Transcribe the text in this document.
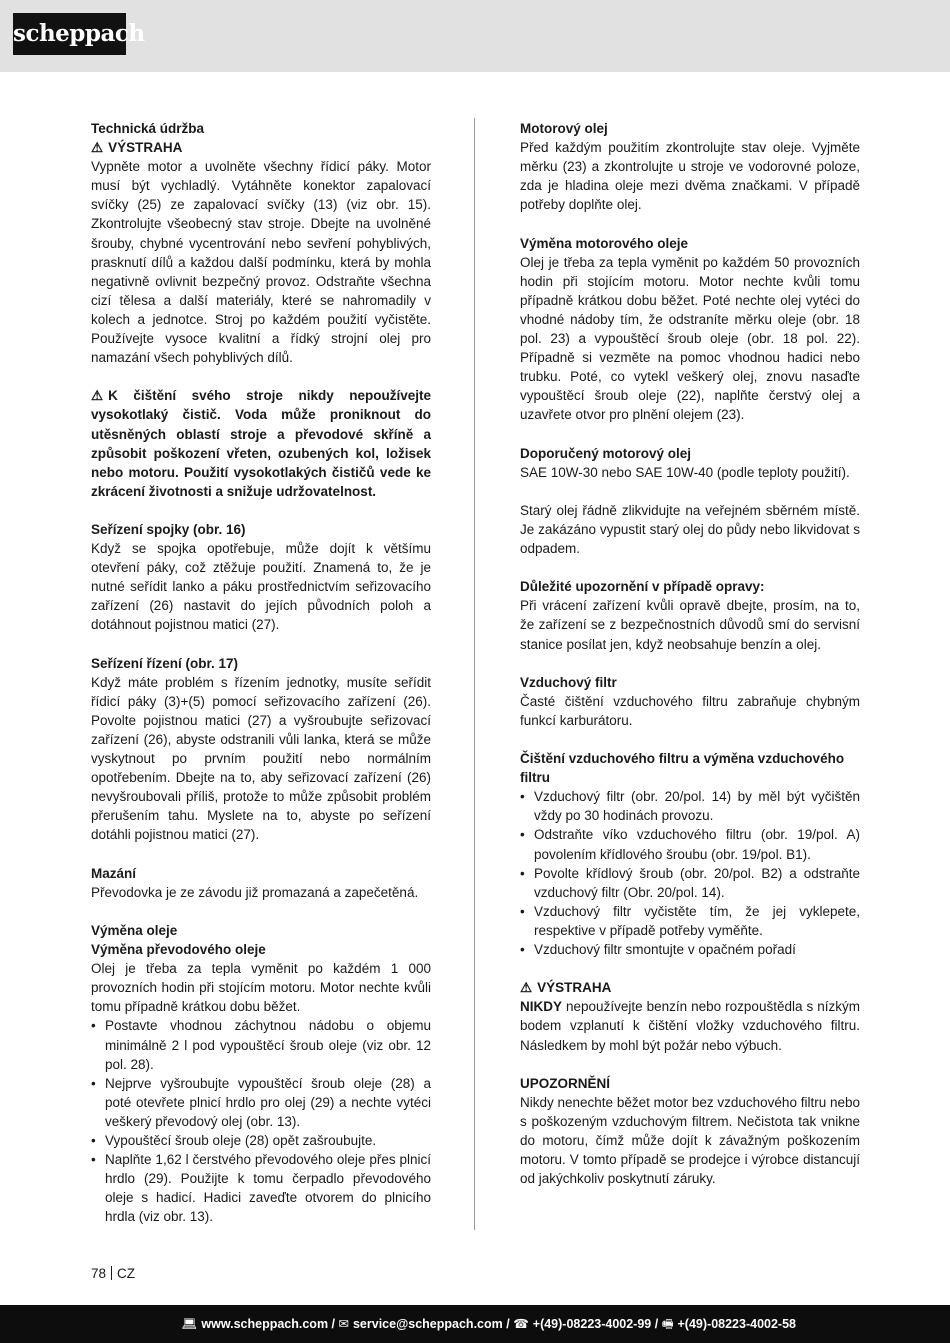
scheppach
Technická údržba
⚠ VÝSTRAHA

Vypněte motor a uvolněte všechny řídicí páky. Motor musí být vychladlý. Vytáhněte konektor zapalovací svíčky (25) ze zapalovací svíčky (13) (viz obr. 15). Zkontrolujte všeobecný stav stroje. Dbejte na uvolněné šrouby, chybné vycentrování nebo sevření pohyblivých, prasknutí dílů a každou další podmínku, která by mohla negativně ovlivnit bezpečný provoz. Odstraňte všechna cizí tělesa a další materiály, které se nahromadily v kolech a jednotce. Stroj po každém použití vyčistěte. Používejte vysoce kvalitní a řídký strojní olej pro namazání všech pohyblivých dílů.

⚠ K čištění svého stroje nikdy nepoužívejte vysokotlaký čistič. Voda může proniknout do utěsněných oblastí stroje a převodové skříně a způsobit poškození vřeten, ozubených kol, ložisek nebo motoru. Použití vysokotlakých čističů vede ke zkrácení životnosti a snižuje udržovatelnost.

Seřízení spojky (obr. 16)

Když se spojka opotřebuje, může dojít k většímu otevření páky, což ztěžuje použití. Znamená to, že je nutné seřídit lanko a páku prostřednictvím seřizovacího zařízení (26) nastavit do jejích původních poloh a dotáhnout pojistnou matici (27).

Seřízení řízení (obr. 17)

Když máte problém s řízením jednotky, musíte seřídit řídicí páky (3)+(5) pomocí seřizovacího zařízení (26). Povolte pojistnou matici (27) a vyšroubujte seřizovací zařízení (26), abyste odstranili vůli lanka, která se může vyskytnout po prvním použití nebo normálním opotřebením. Dbejte na to, aby seřizovací zařízení (26) nevyšroubovali příliš, protože to může způsobit problém přerušením tahu. Myslete na to, abyste po seřízení dotáhli pojistnou matici (27).

Mazání

Převodovka je ze závodu již promazaná a zapečetěná.

Výměna oleje
Výměna převodového oleje

Olej je třeba za tepla vyměnit po každém 1 000 provozních hodin při stojícím motoru. Motor nechte kvůli tomu případně krátkou dobu běžet.

• Postavte vhodnou záchytnou nádobu o objemu minimálně 2 l pod vypouštěcí šroub oleje (viz obr. 12 pol. 28).
• Nejprve vyšroubujte vypouštěcí šroub oleje (28) a poté otevřete plnicí hrdlo pro olej (29) a nechte vytéci veškerý převodový olej (obr. 13).
• Vypouštěcí šroub oleje (28) opět zašroubujte.
• Naplňte 1,62 l čerstvého převodového oleje přes plnicí hrdlo (29). Použijte k tomu čerpadlo převodového oleje s hadicí. Hadici zaveďte otvorem do plnicího hrdla (viz obr. 13).
Motorový olej

Před každým použitím zkontrolujte stav oleje. Vyjměte měrku (23) a zkontrolujte u stroje ve vodorovné poloze, zda je hladina oleje mezi dvěma značkami. V případě potřeby doplňte olej.

Výměna motorového oleje

Olej je třeba za tepla vyměnit po každém 50 provozních hodin při stojícím motoru. Motor nechte kvůli tomu případně krátkou dobu běžet. Poté nechte olej vytéci do vhodné nádoby tím, že odstraníte měrku oleje (obr. 18 pol. 23) a vypouštěcí šroub oleje (obr. 18 pol. 22). Případně si vezměte na pomoc vhodnou hadici nebo trubku. Poté, co vytekl veškerý olej, znovu nasaďte vypouštěcí šroub oleje (22), naplňte čerstvý olej a uzavřete otvor pro plnění olejem (23).

Doporučený motorový olej

SAE 10W-30 nebo SAE 10W-40 (podle teploty použití).

Starý olej řádně zlikvidujte na veřejném sběrném místě. Je zakázáno vypustit starý olej do půdy nebo likvidovat s odpadem.

Důležité upozornění v případě opravy:

Při vrácení zařízení kvůli opravě dbejte, prosím, na to, že zařízení se z bezpečnostních důvodů smí do servisní stanice posílat jen, když neobsahuje benzín a olej.

Vzduchový filtr

Časté čištění vzduchového filtru zabraňuje chybným funkcí karburátoru.

Čištění vzduchového filtru a výměna vzduchového filtru
• Vzduchový filtr (obr. 20/pol. 14) by měl být vyčištěn vždy po 30 hodinách provozu.
• Odstraňte víko vzduchového filtru (obr. 19/pol. A) povolením křídlového šroubu (obr. 19/pol. B1).
• Povolte křídlový šroub (obr. 20/pol. B2) a odstraňte vzduchový filtr (Obr. 20/pol. 14).
• Vzduchový filtr vyčistěte tím, že jej vyklepete, respektive v případě potřeby vyměňte.
• Vzduchový filtr smontujte v opačném pořadí
⚠ VÝSTRAHA

NIKDY nepoužívejte benzín nebo rozpouštědla s nízkým bodem vzplanutí k čištění vložky vzduchového filtru. Následkem by mohl být požár nebo výbuch.

UPOZORNĚNÍ

Nikdy nenechte běžet motor bez vzduchového filtru nebo s poškozeným vzduchovým filtrem. Nečistota tak vnikne do motoru, čímž může dojít k závažným poškozením motoru. V tomto případě se prodejce i výrobce distancují od jakýchkoliv poskytnutí záruky.

78 CZ
💻︎ www.scheppach.com / ✉ service@scheppach.com / ☎ +(49)-08223-4002-99 / 🖷︎ +(49)-08223-4002-58
